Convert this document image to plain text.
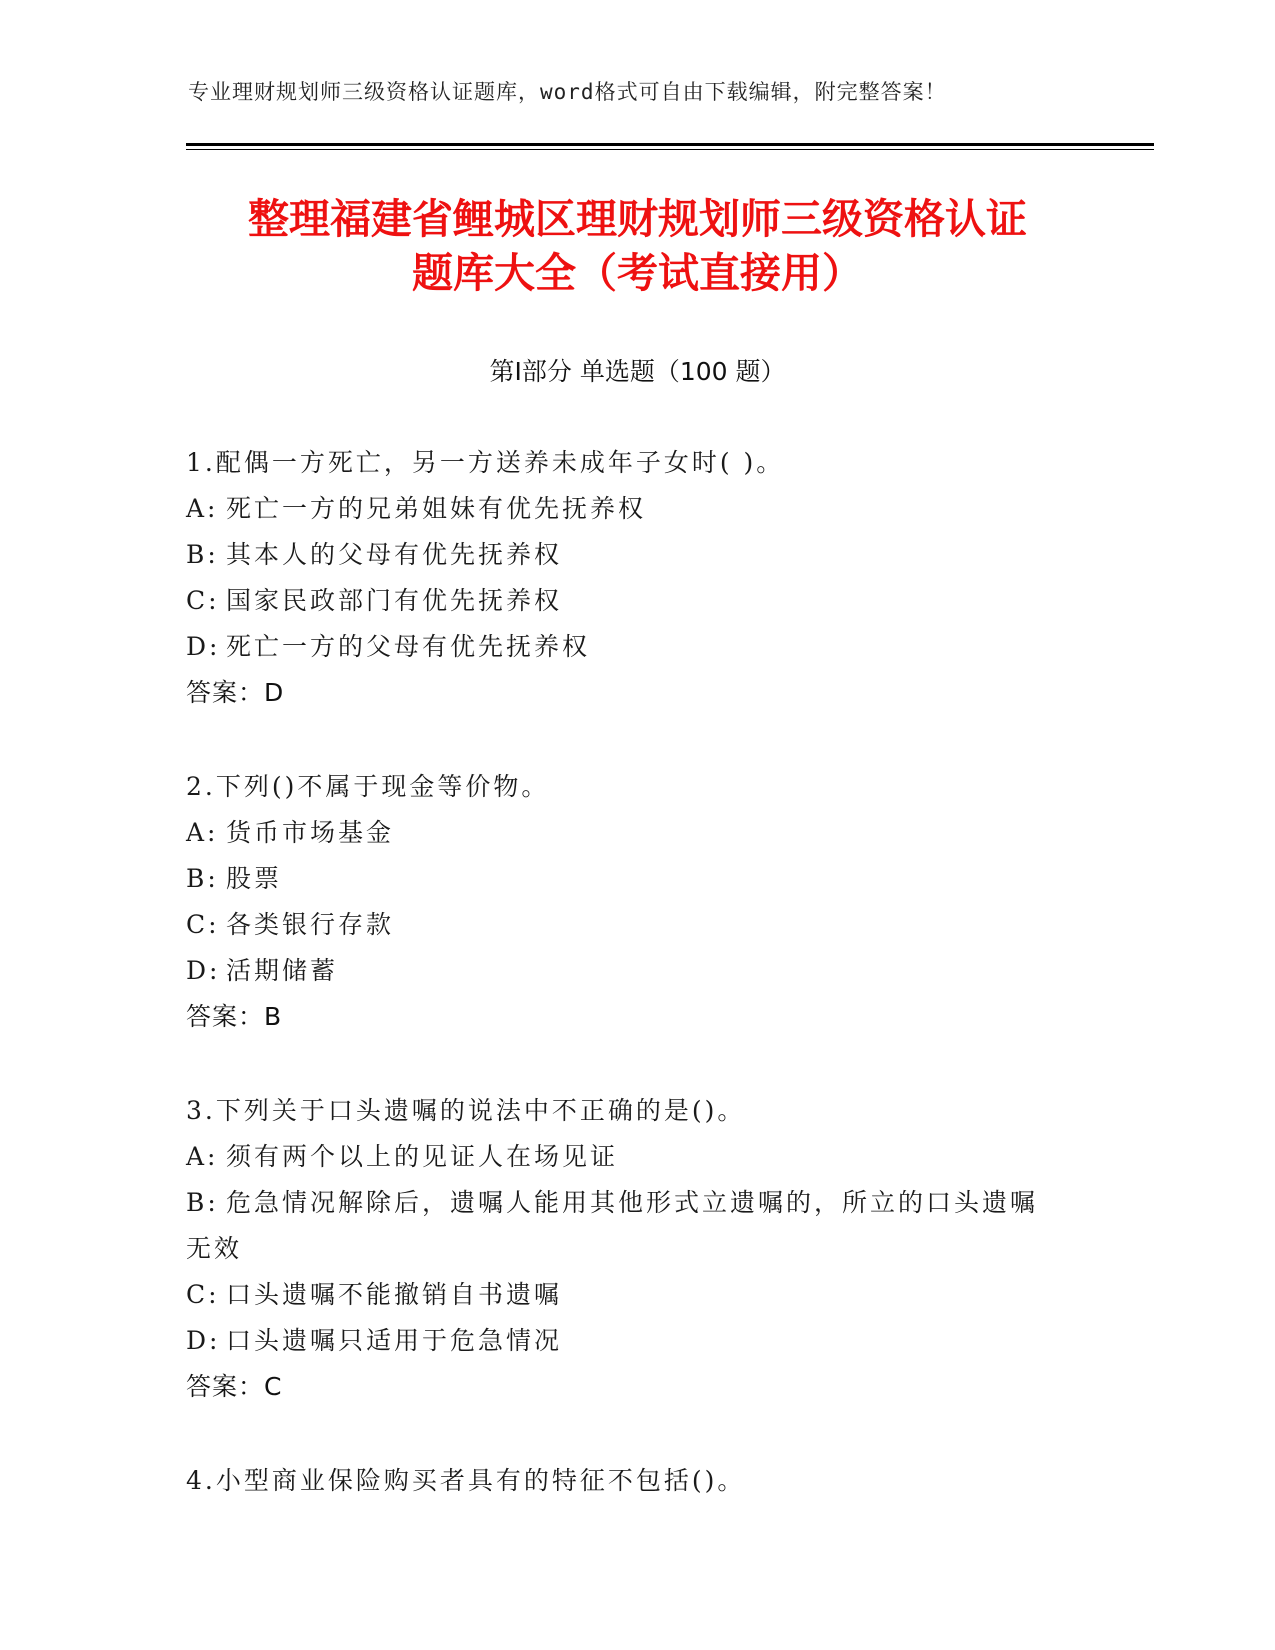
专业理财规划师三级资格认证题库，word格式可自由下载编辑，附完整答案！
整理福建省鲤城区理财规划师三级资格认证
题库大全（考试直接用）
第Ⅰ部分 单选题（100 题）
1.配偶一方死亡，另一方送养未成年子女时( )。
A: 死亡一方的兄弟姐妹有优先抚养权
B: 其本人的父母有优先抚养权
C: 国家民政部门有优先抚养权
D: 死亡一方的父母有优先抚养权
答案：D
2.下列()不属于现金等价物。
A: 货币市场基金
B: 股票
C: 各类银行存款
D: 活期储蓄
答案：B
3.下列关于口头遗嘱的说法中不正确的是()。
A: 须有两个以上的见证人在场见证
B: 危急情况解除后，遗嘱人能用其他形式立遗嘱的，所立的口头遗嘱
无效
C: 口头遗嘱不能撤销自书遗嘱
D: 口头遗嘱只适用于危急情况
答案：C
4.小型商业保险购买者具有的特征不包括()。
